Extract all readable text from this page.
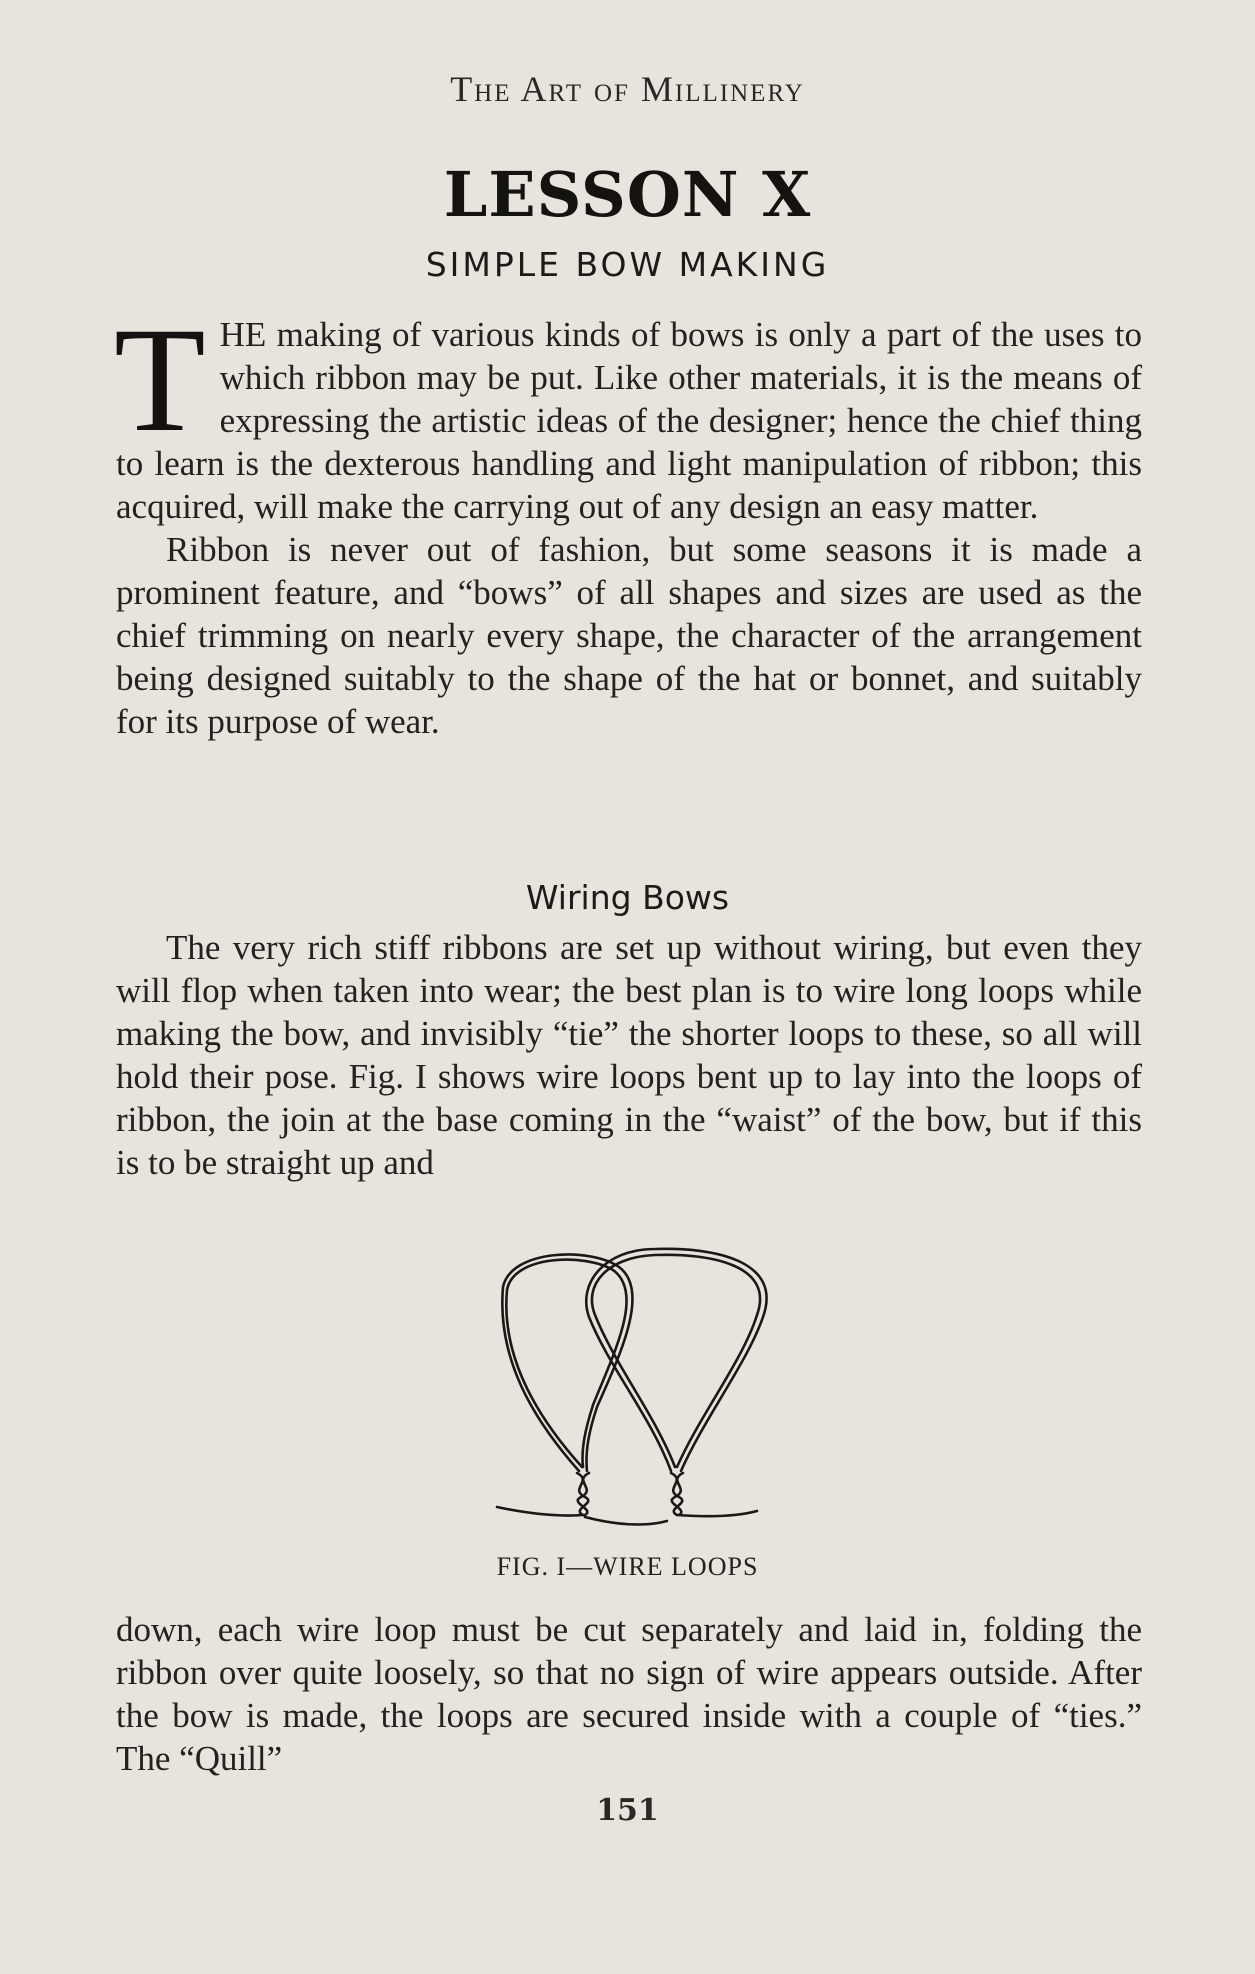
The Art of Millinery
LESSON X
SIMPLE BOW MAKING

THE making of various kinds of bows is only a part of the uses to which ribbon may be put. Like other materials, it is the means of expressing the artistic ideas of the designer; hence the chief thing to learn is the dexterous handling and light manipulation of ribbon; this acquired, will make the carrying out of any design an easy matter.

Ribbon is never out of fashion, but some seasons it is made a prominent feature, and “bows” of all shapes and sizes are used as the chief trimming on nearly every shape, the character of the arrangement being designed suitably to the shape of the hat or bonnet, and suitably for its purpose of wear.

Wiring Bows

The very rich stiff ribbons are set up without wiring, but even they will flop when taken into wear; the best plan is to wire long loops while making the bow, and invisibly “tie” the shorter loops to these, so all will hold their pose. Fig. I shows wire loops bent up to lay into the loops of ribbon, the join at the base coming in the “waist” of the bow, but if this is to be straight up and

FIG. I—WIRE LOOPS

down, each wire loop must be cut separately and laid in, folding the ribbon over quite loosely, so that no sign of wire appears outside. After the bow is made, the loops are secured inside with a couple of “ties.” The “Quill”

151
